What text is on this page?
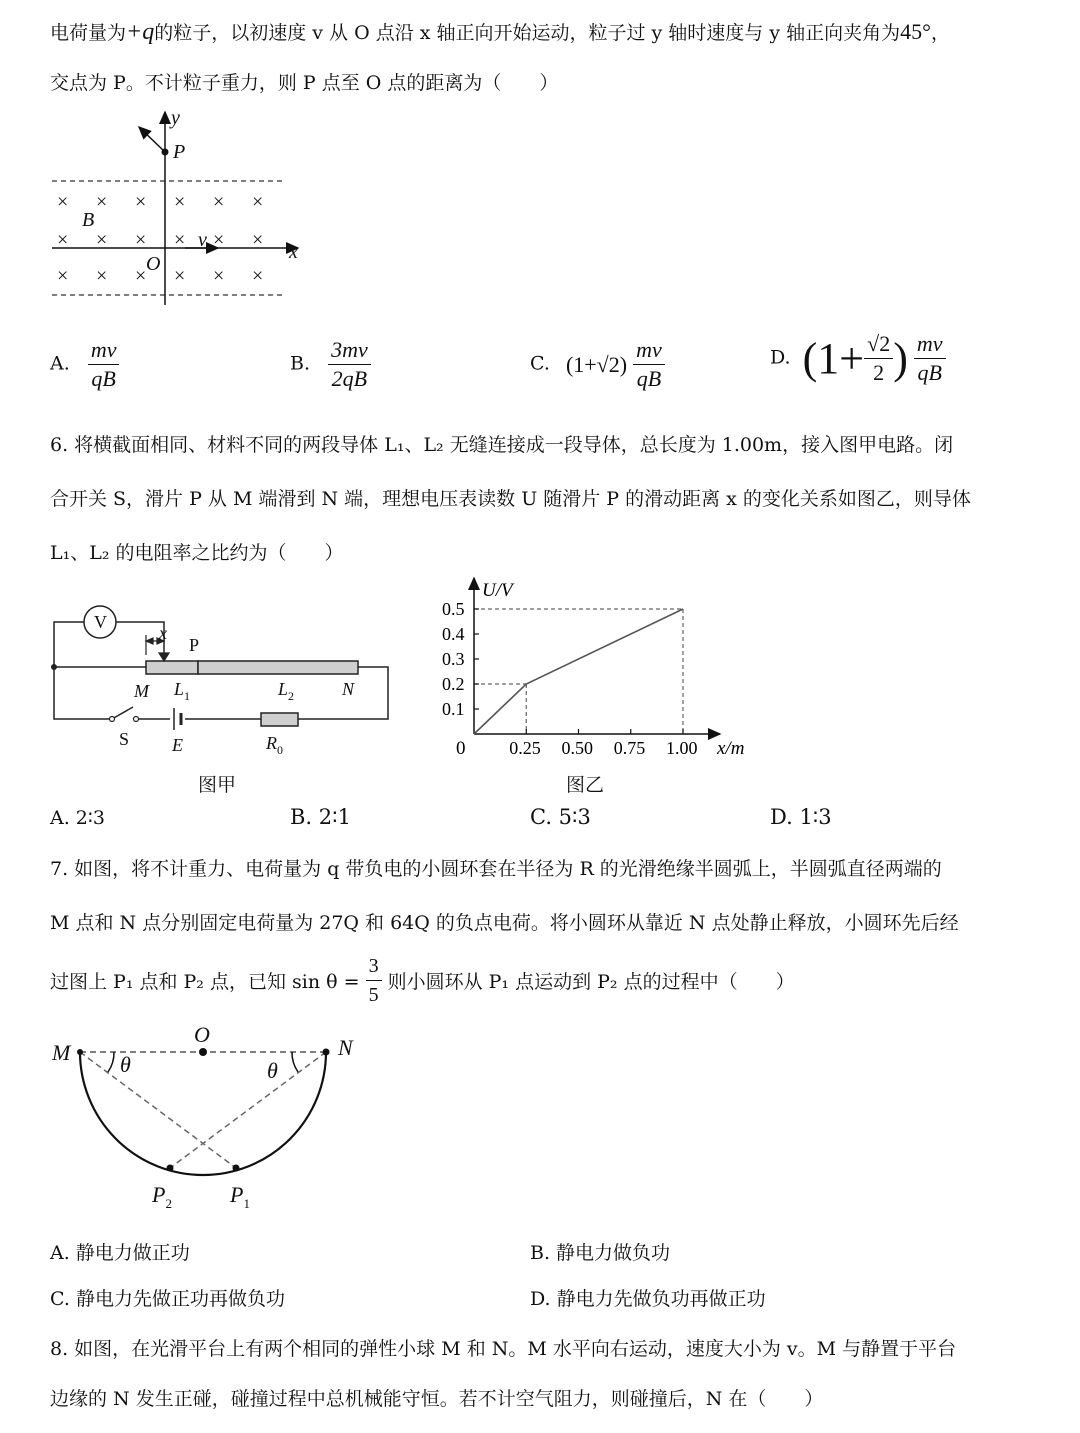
电荷量为+q的粒子，以初速度 v 从 O 点沿 x 轴正向开始运动，粒子过 y 轴时速度与 y 轴正向夹角为45°，
交点为 P。不计粒子重力，则 P 点至 O 点的距离为（　　）
× × × × × ×
× × × × × ×
× × × × × ×
y
P
B
x
v
O
A. $\frac{mv}{qB}$	B. $\frac{3mv}{2qB}$	C. $(1+√2) \frac{mv}{qB}$	D. ($1+ \frac{√2}{2}$ ) $\frac{mv}{qB}$
6. 将横截面相同、材料不同的两段导体 L₁、L₂ 无缝连接成一段导体，总长度为 1.00m，接入图甲电路。闭
合开关 S，滑片 P 从 M 端滑到 N 端，理想电压表读数 U 随滑片 P 的滑动距离 x 的变化关系如图乙，则导体
L₁、L₂ 的电阻率之比约为（　　）
V
x
P
M $L_1$	$L_2$	N
S E	$R_0$
图甲
0.1
0.2
0.3
0.4
0.5
0.25 0.50 0.75 1.00
U/V
x/m
0
图乙
A. 2∶3	B. 2∶1	C. 5∶3	D. 1∶3
7. 如图，将不计重力、电荷量为 q 带负电的小圆环套在半径为 R 的光滑绝缘半圆弧上，半圆弧直径两端的
M 点和 N 点分别固定电荷量为 27Q 和 64Q 的负点电荷。将小圆环从靠近 N 点处静止释放，小圆环先后经
过图上 P₁ 点和 P₂ 点，已知 $\sin \theta = \frac{3}{5}$ 则小圆环从 P₁ 点运动到 P₂ 点的过程中（　　）
M
O
N
θ	θ
$P_2$	$P_1$
A. 静电力做正功	B. 静电力做负功
C. 静电力先做正功再做负功	D. 静电力先做负功再做正功
8. 如图，在光滑平台上有两个相同的弹性小球 M 和 N。M 水平向右运动，速度大小为 v。M 与静置于平台
边缘的 N 发生正碰，碰撞过程中总机械能守恒。若不计空气阻力，则碰撞后，N 在（　　）
